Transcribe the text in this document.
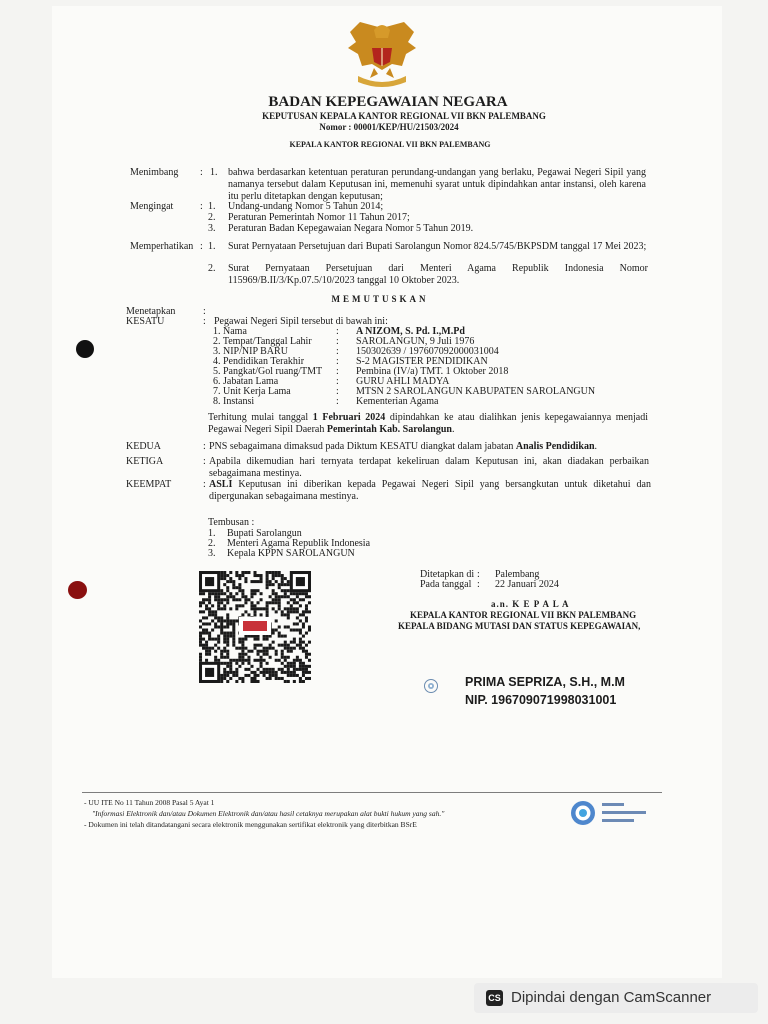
BADAN KEPEGAWAIAN NEGARA
KEPUTUSAN KEPALA KANTOR REGIONAL VII BKN PALEMBANG
Nomor : 00001/KEP/HU/21503/2024
KEPALA KANTOR REGIONAL VII BKN PALEMBANG
Menimbang : 1. bahwa berdasarkan ketentuan peraturan perundang-undangan yang berlaku, Pegawai Negeri Sipil yang namanya tersebut dalam Keputusan ini, memenuhi syarat untuk dipindahkan antar instansi, oleh karena itu perlu ditetapkan dengan keputusan;
Mengingat	: 1. Undang-undang Nomor 5 Tahun 2014;
2. Peraturan Pemerintah Nomor 11 Tahun 2017;
3. Peraturan Badan Kepegawaian Negara Nomor 5 Tahun 2019.
Memperhatikan : 1. Surat Pernyataan Persetujuan dari Bupati Sarolangun Nomor 824.5/745/BKPSDM tanggal 17 Mei 2023;
2. Surat Pernyataan Persetujuan dari Menteri Agama Republik Indonesia Nomor 115969/B.II/3/Kp.07.5/10/2023 tanggal 10 Oktober 2023.
MEMUTUSKAN
Menetapkan	:
KESATU	: Pegawai Negeri Sipil tersebut di bawah ini:
1. Nama	: A NIZOM, S. Pd. I.,M.Pd
2. Tempat/Tanggal Lahir : SAROLANGUN, 9 Juli 1976
3. NIP/NIP BARU	: 150302639 / 197607092000031004
4. Pendidikan Terakhir	: S-2 MAGISTER PENDIDIKAN
5. Pangkat/Gol ruang/TMT : Pembina (IV/a) TMT. 1 Oktober 2018
6. Jabatan Lama	: GURU AHLI MADYA
7. Unit Kerja Lama	: MTSN 2 SAROLANGUN KABUPATEN SAROLANGUN
8. Instansi	: Kementerian Agama
Terhitung mulai tanggal 1 Februari 2024 dipindahkan ke atau dialihkan jenis kepegawaiannya menjadi Pegawai Negeri Sipil Daerah Pemerintah Kab. Sarolangun.
KEDUA	: PNS sebagaimana dimaksud pada Diktum KESATU diangkat dalam jabatan Analis Pendidikan.
KETIGA	: Apabila dikemudian hari ternyata terdapat kekeliruan dalam Keputusan ini, akan diadakan perbaikan sebagaimana mestinya.
KEEMPAT	: ASLI Keputusan ini diberikan kepada Pegawai Negeri Sipil yang bersangkutan untuk diketahui dan dipergunakan sebagaimana mestinya.
Tembusan :
1. Bupati Sarolangun
2. Menteri Agama Republik Indonesia
3. Kepala KPPN SAROLANGUN
Ditetapkan di : Palembang
Pada tanggal : 22 Januari 2024
a.n. K E P A L A
KEPALA KANTOR REGIONAL VII BKN PALEMBANG
KEPALA BIDANG MUTASI DAN STATUS KEPEGAWAIAN,
PRIMA SEPRIZA, S.H., M.M
NIP. 196709071998031001
- UU ITE No 11 Tahun 2008 Pasal 5 Ayat 1
"Informasi Elektronik dan/atau Dokumen Elektronik dan/atau hasil cetaknya merupakan alat bukti hukum yang sah."
- Dokumen ini telah ditandatangani secara elektronik menggunakan sertifikat elektronik yang diterbitkan BSrE
CS Dipindai dengan CamScanner
